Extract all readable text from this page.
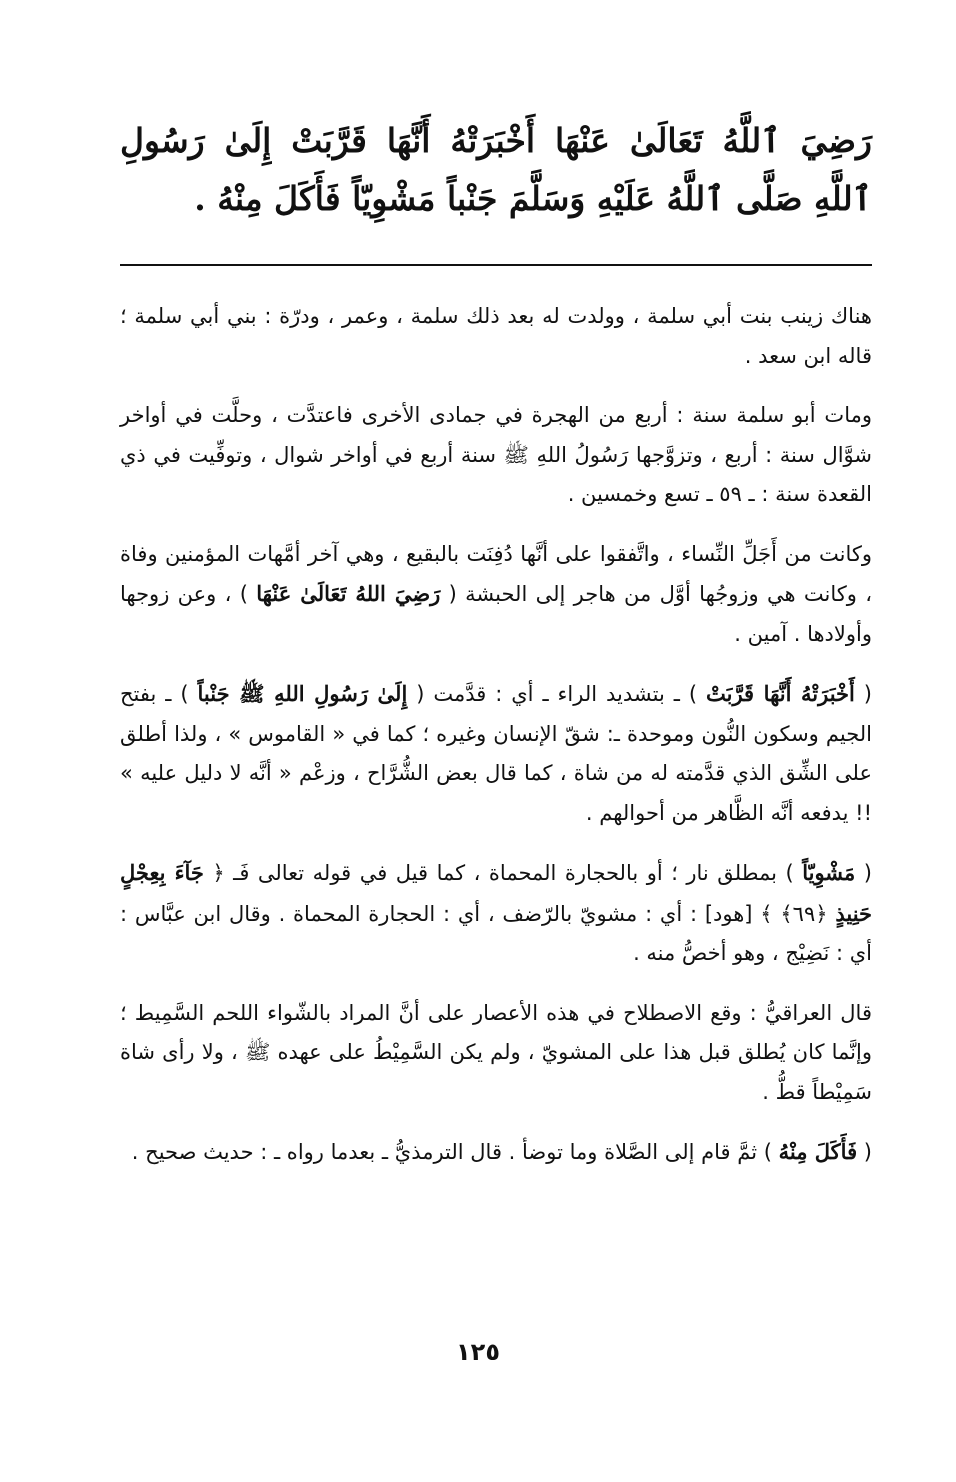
رَضِيَ ٱللَّهُ تَعَالَىٰ عَنْهَا أَخْبَرَتْهُ أَنَّهَا قَرَّبَتْ إِلَىٰ رَسُولِ ٱللَّهِ صَلَّى ٱللَّهُ عَلَيْهِ وَسَلَّمَ جَنْباً مَشْوِيّاً فَأَكَلَ مِنْهُ .

هناك زينب بنت أبي سلمة ، وولدت له بعد ذلك سلمة ، وعمر ، ودرّة : بني أبي سلمة ؛ قاله ابن سعد .

ومات أبو سلمة سنة : أربع من الهجرة في جمادى الأخرى فاعتدَّت ، وحلَّت في أواخر شوَّال سنة : أربع ، وتزوَّجها رَسُولُ اللهِ ﷺ سنة أربع في أواخر شوال ، وتوفِّيت في ذي القعدة سنة : ـ ٥٩ ـ تسع وخمسين .

وكانت من أَجَلِّ النِّساء ، واتَّفقوا على أنَّها دُفِنَت بالبقيع ، وهي آخر أمَّهات المؤمنين وفاة ، وكانت هي وزوجُها أوَّل من هاجر إلى الحبشة ( رَضِيَ اللهُ تَعَالَىٰ عَنْهَا ) ، وعن زوجها وأولادها . آمين .

( أَخْبَرَتْهُ أَنَّهَا قَرَّبَتْ ) ـ بتشديد الراء ـ أي : قدَّمت ( إِلَىٰ رَسُولِ اللهِ ﷺ جَنْباً ) ـ بفتح الجيم وسكون النُّون وموحدة ـ: شقّ الإنسان وغيره ؛ كما في « القاموس » ، ولذا أطلق على الشِّق الذي قدَّمته له من شاة ، كما قال بعض الشُّرَّاح ، وزعْم « أنَّه لا دليل عليه » !! يدفعه أنَّه الظَّاهر من أحوالهم .

( مَشْوِيّاً ) بمطلق نار ؛ أو بالحجارة المحماة ، كما قيل في قوله تعالى فَـ ﴿ جَآءَ بِعِجْلٍ حَنِيذٍ ﴿٦٩﴾ ﴾ [هود] : أي : مشويّ بالرّضف ، أي : الحجارة المحماة . وقال ابن عبَّاس : أي : نَضِيْج ، وهو أخصُّ منه .

قال العراقيُّ : وقع الاصطلاح في هذه الأعصار على أنَّ المراد بالشّواء اللحم السَّمِيط ؛ وإنَّما كان يُطلق قبل هذا على المشويّ ، ولم يكن السَّمِيْطُ على عهده ﷺ ، ولا رأى شاة سَمِيْطاً قطُّ .

( فَأَكَلَ مِنْهُ ) ثمَّ قام إلى الصَّلاة وما توضأ . قال الترمذيُّ ـ بعدما رواه ـ : حديث صحيح .

١٢٥
